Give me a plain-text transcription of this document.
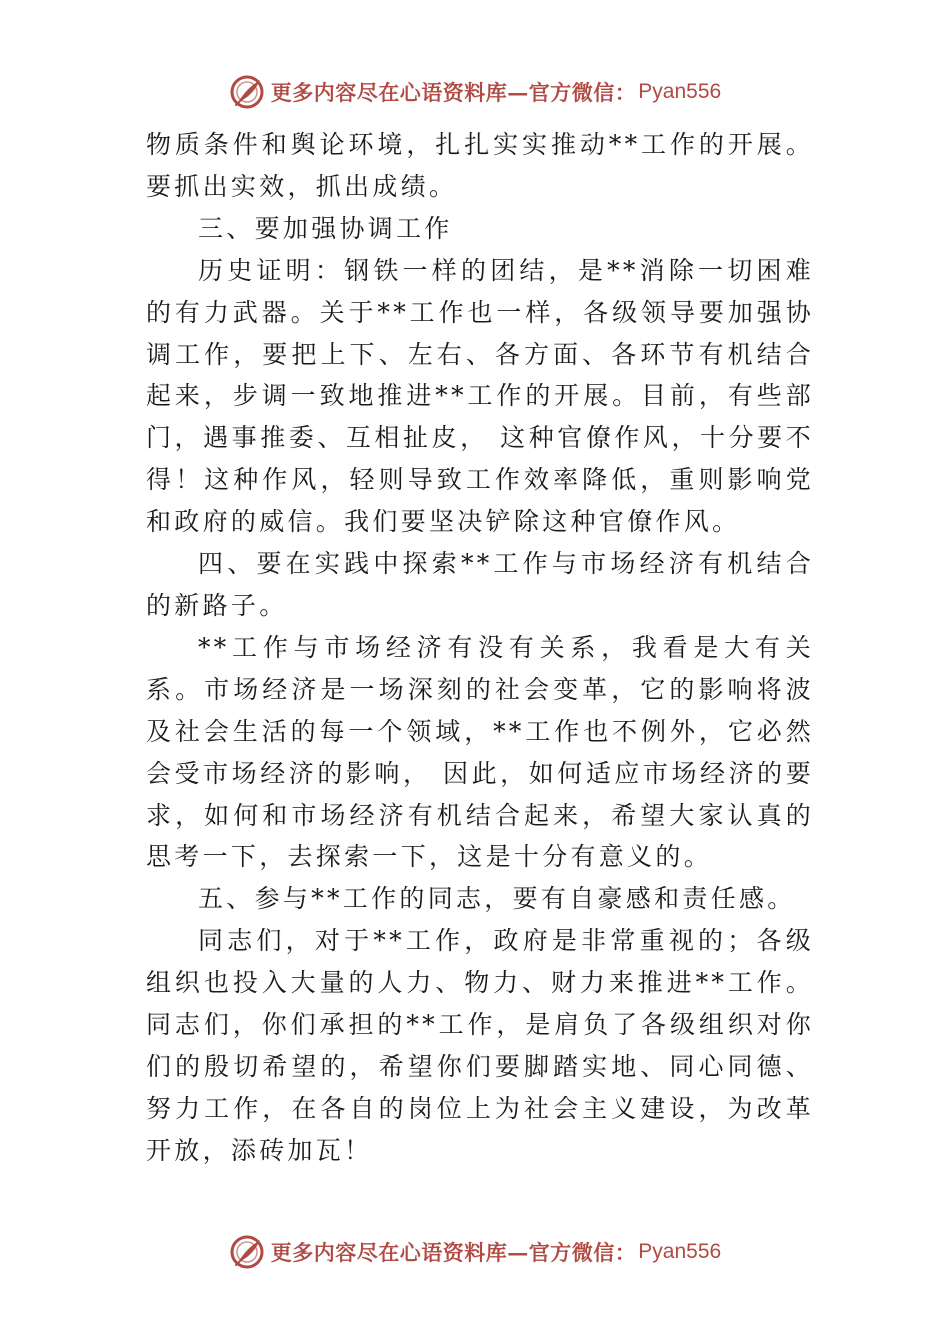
更多内容尽在心语资料库—官方微信： Pyan556

物质条件和舆论环境，扎扎实实推动**工作的开展。要抓出实效，抓出成绩。

三、要加强协调工作

历史证明：钢铁一样的团结，是**消除一切困难的有力武器。关于**工作也一样，各级领导要加强协调工作，要把上下、左右、各方面、各环节有机结合起来，步调一致地推进**工作的开展。目前，有些部门，遇事推委、互相扯皮， 这种官僚作风，十分要不得！这种作风，轻则导致工作效率降低，重则影响党和政府的威信。我们要坚决铲除这种官僚作风。

四、要在实践中探索**工作与市场经济有机结合的新路子。

**工作与市场经济有没有关系，我看是大有关系。市场经济是一场深刻的社会变革，它的影响将波及社会生活的每一个领域，**工作也不例外，它必然会受市场经济的影响， 因此，如何适应市场经济的要求，如何和市场经济有机结合起来，希望大家认真的思考一下，去探索一下，这是十分有意义的。

五、参与**工作的同志，要有自豪感和责任感。

同志们，对于**工作，政府是非常重视的；各级组织也投入大量的人力、物力、财力来推进**工作。同志们，你们承担的**工作，是肩负了各级组织对你们的殷切希望的，希望你们要脚踏实地、同心同德、努力工作，在各自的岗位上为社会主义建设，为改革开放，添砖加瓦！

更多内容尽在心语资料库—官方微信： Pyan556
